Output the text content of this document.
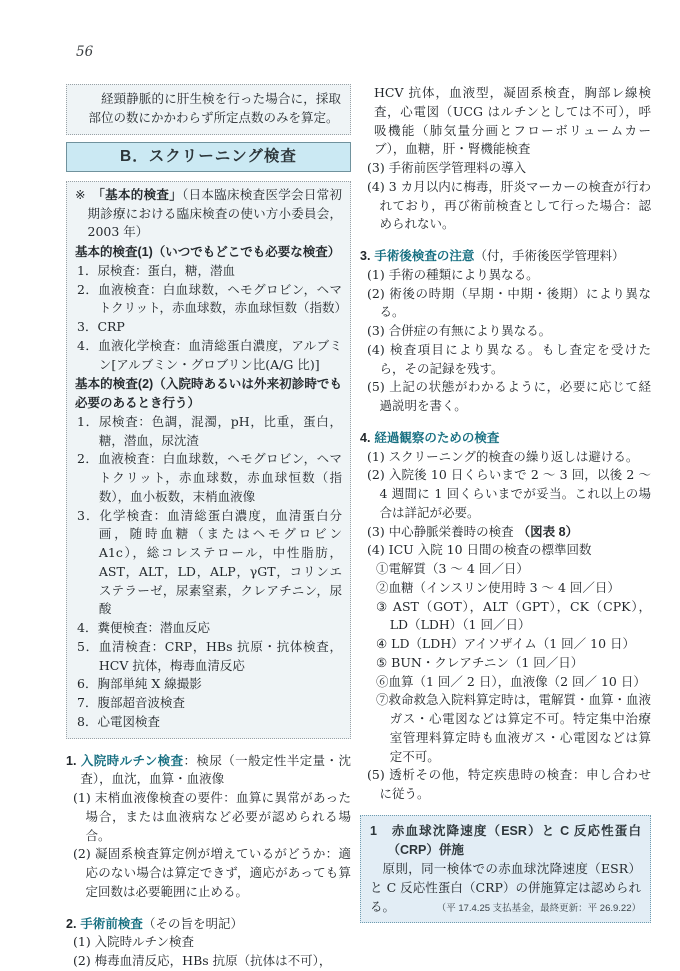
56

経頸静脈的に肝生検を行った場合に，採取部位の数にかかわらず所定点数のみを算定。

B．スクリーニング検査

※　 「基本的検査」（日本臨床検査医学会日常初期診療における臨床検査の使い方小委員会，2003 年）

基本的検査(1)（いつでもどこでも必要な検査）

1．尿検査：蛋白，糖，潜血

2．血液検査：白血球数，ヘモグロビン，ヘマトクリット，赤血球数，赤血球恒数（指数）

3．CRP

4．血液化学検査：血清総蛋白濃度，アルブミン[アルブミン・グロブリン比(A/G 比)]

基本的検査(2)（入院時あるいは外来初診時でも必要のあるとき行う）

1．尿検査：色調，混濁，pH，比重，蛋白，糖，潜血，尿沈渣

2．血液検査：白血球数，ヘモグロビン，ヘマトクリット，赤血球数，赤血球恒数（指数），血小板数，末梢血液像

3．化学検査：血清総蛋白濃度，血清蛋白分画，随時血糖（またはヘモグロビン A1c），総コレステロール，中性脂肪，AST，ALT，LD，ALP，γGT，コリンエステラーゼ，尿素窒素，クレアチニン，尿酸

4．糞便検査：潜血反応

5．血清検査：CRP，HBs 抗原・抗体検査，HCV 抗体，梅毒血清反応

6．胸部単純 X 線撮影

7．腹部超音波検査

8．心電図検査

1. 入院時ルチン検査：検尿（一般定性半定量・沈査），血沈，血算・血液像

(1) 末梢血液像検査の要件：血算に異常があった場合，または血液病など必要が認められる場合。

(2) 凝固系検査算定例が増えているがどうか：適応のない場合は算定できず，適応があっても算定回数は必要範囲に止める。

2. 手術前検査（その旨を明記）

(1) 入院時ルチン検査

(2) 梅毒血清反応，HBs 抗原（抗体は不可），

HCV 抗体，血液型，凝固系検査，胸部レ線検査，心電図（UCG はルチンとしては不可），呼吸機能（肺気量分画とフローボリュームカーブ），血糖，肝・腎機能検査

(3) 手術前医学管理料の導入

(4) 3 カ月以内に梅毒，肝炎マーカーの検査が行われており，再び術前検査として行った場合：認められない。

3. 手術後検査の注意（付，手術後医学管理料）

(1) 手術の種類により異なる。

(2) 術後の時期（早期・中期・後期）により異なる。

(3) 合併症の有無により異なる。

(4) 検査項目により異なる。もし査定を受けたら，その記録を残す。

(5) 上記の状態がわかるように，必要に応じて経過説明を書く。

4. 経過観察のための検査

(1) スクリーニング的検査の繰り返しは避ける。

(2) 入院後 10 日くらいまで 2 ～ 3 回，以後 2 ～ 4 週間に 1 回くらいまでが妥当。これ以上の場合は詳記が必要。

(3) 中心静脈栄養時の検査 （図表 8）

(4) ICU 入院 10 日間の検査の標準回数

①電解質（3 ～ 4 回／日）

②血糖（インスリン使用時 3 ～ 4 回／日）

③ AST（GOT），ALT（GPT），CK（CPK），LD（LDH）（1 回／日）

④ LD（LDH）アイソザイム（1 回／ 10 日）

⑤ BUN・クレアチニン（1 回／日）

⑥血算（1 回／ 2 日），血液像（2 回／ 10 日）

⑦救命救急入院料算定時は，電解質・血算・血液ガス・心電図などは算定不可。特定集中治療室管理料算定時も血液ガス・心電図などは算定不可。

(5) 透析その他，特定疾患時の検査：申し合わせに従う。

1　 赤血球沈降速度（ESR）と C 反応性蛋白（CRP）併施

原則，同一検体での赤血球沈降速度（ESR）と C 反応性蛋白（CRP）の併施算定は認められる。	（平 17.4.25 支払基金，最終更新：平 26.9.22）
